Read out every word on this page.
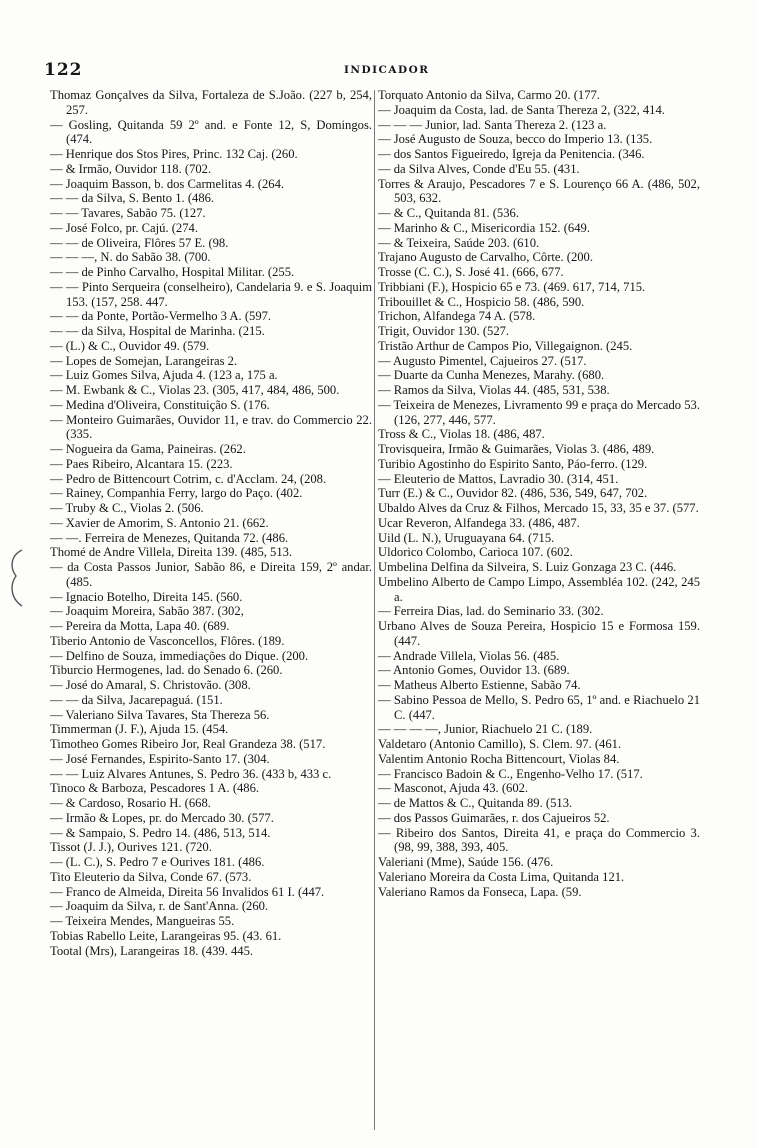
122	INDICADOR

Thomaz Gonçalves da Silva, Fortaleza de S.João. (227 b, 254, 257.

— Gosling, Quitanda 59 2º and. e Fonte 12, S, Domingos. (474.

— Henrique dos Stos Pires, Princ. 132 Caj. (260.

— & Irmão, Ouvidor 118. (702.

— Joaquim Basson, b. dos Carmelitas 4. (264.

— — da Silva, S. Bento 1. (486.

— — Tavares, Sabão 75. (127.

— José Folco, pr. Cajú. (274.

— — de Oliveira, Flôres 57 E. (98.

— — —, N. do Sabão 38. (700.

— — de Pinho Carvalho, Hospital Militar. (255.

— — Pinto Serqueira (conselheiro), Candelaria 9. e S. Joaquim 153. (157, 258. 447.

— — da Ponte, Portão-Vermelho 3 A. (597.

— — da Silva, Hospital de Marinha. (215.

— (L.) & C., Ouvidor 49. (579.

— Lopes de Somejan, Larangeiras 2.

— Luiz Gomes Silva, Ajuda 4. (123 a, 175 a.

— M. Ewbank & C., Violas 23. (305, 417, 484, 486, 500.

— Medina d'Oliveira, Constituição S. (176.

— Monteiro Guimarães, Ouvidor 11, e trav. do Commercio 22. (335.

— Nogueira da Gama, Paineiras. (262.

— Paes Ribeiro, Alcantara 15. (223.

— Pedro de Bittencourt Cotrim, c. d'Acclam. 24, (208.

— Rainey, Companhia Ferry, largo do Paço. (402.

— Truby & C., Violas 2. (506.

— Xavier de Amorim, S. Antonio 21. (662.

— —. Ferreira de Menezes, Quitanda 72. (486.

Thomé de Andre Villela, Direita 139. (485, 513.

— da Costa Passos Junior, Sabão 86, e Direita 159, 2º andar. (485.

— Ignacio Botelho, Direita 145. (560.

— Joaquim Moreira, Sabão 387. (302,

— Pereira da Motta, Lapa 40. (689.

Tiberio Antonio de Vasconcellos, Flôres. (189.

— Delfino de Souza, immediações do Dique. (200.

Tiburcio Hermogenes, lad. do Senado 6. (260.

— José do Amaral, S. Christovão. (308.

— — da Silva, Jacarepaguá. (151.

— Valeriano Silva Tavares, Sta Thereza 56.

Timmerman (J. F.), Ajuda 15. (454.

Timotheo Gomes Ribeiro Jor, Real Grandeza 38. (517.

— José Fernandes, Espirito-Santo 17. (304.

— — Luiz Alvares Antunes, S. Pedro 36. (433 b, 433 c.

Tinoco & Barboza, Pescadores 1 A. (486.

— & Cardoso, Rosario H. (668.

— Irmão & Lopes, pr. do Mercado 30. (577.

— & Sampaio, S. Pedro 14. (486, 513, 514.

Tissot (J. J.), Ourives 121. (720.

— (L. C.), S. Pedro 7 e Ourives 181. (486.

Tito Eleuterio da Silva, Conde 67. (573.

— Franco de Almeida, Direita 56 Invalidos 61 I. (447.

— Joaquim da Silva, r. de Sant'Anna. (260.

— Teixeira Mendes, Mangueiras 55.

Tobias Rabello Leite, Larangeiras 95. (43. 61.

Tootal (Mrs), Larangeiras 18. (439. 445.

Torquato Antonio da Silva, Carmo 20. (177.

— Joaquim da Costa, lad. de Santa Thereza 2, (322, 414.

— — — Junior, lad. Santa Thereza 2. (123 a.

— José Augusto de Souza, becco do Imperio 13. (135.

— dos Santos Figueiredo, Igreja da Penitencia. (346.

— da Silva Alves, Conde d'Eu 55. (431.

Torres & Araujo, Pescadores 7 e S. Lourenço 66 A. (486, 502, 503, 632.

— & C., Quitanda 81. (536.

— Marinho & C., Misericordia 152. (649.

— & Teixeira, Saúde 203. (610.

Trajano Augusto de Carvalho, Côrte. (200.

Trosse (C. C.), S. José 41. (666, 677.

Tribbiani (F.), Hospicio 65 e 73. (469. 617, 714, 715.

Tribouillet & C., Hospicio 58. (486, 590.

Trichon, Alfandega 74 A. (578.

Trigit, Ouvidor 130. (527.

Tristão Arthur de Campos Pio, Villegaignon. (245.

— Augusto Pimentel, Cajueiros 27. (517.

— Duarte da Cunha Menezes, Marahy. (680.

— Ramos da Silva, Violas 44. (485, 531, 538.

— Teixeira de Menezes, Livramento 99 e praça do Mercado 53. (126, 277, 446, 577.

Tross & C., Violas 18. (486, 487.

Trovisqueira, Irmão & Guimarães, Violas 3. (486, 489.

Turibio Agostinho do Espirito Santo, Páo-ferro. (129.

— Eleuterio de Mattos, Lavradio 30. (314, 451.

Turr (E.) & C., Ouvidor 82. (486, 536, 549, 647, 702.

Ubaldo Alves da Cruz & Filhos, Mercado 15, 33, 35 e 37. (577.

Ucar Reveron, Alfandega 33. (486, 487.

Uild (L. N.), Uruguayana 64. (715.

Uldorico Colombo, Carioca 107. (602.

Umbelina Delfina da Silveira, S. Luiz Gonzaga 23 C. (446.

Umbelino Alberto de Campo Limpo, Assembléa 102. (242, 245 a.

— Ferreira Dias, lad. do Seminario 33. (302.

Urbano Alves de Souza Pereira, Hospicio 15 e Formosa 159. (447.

— Andrade Villela, Violas 56. (485.

— Antonio Gomes, Ouvidor 13. (689.

— Matheus Alberto Estienne, Sabão 74.

— Sabino Pessoa de Mello, S. Pedro 65, 1º and. e Riachuelo 21 C. (447.

— — — —, Junior, Riachuelo 21 C. (189.

Valdetaro (Antonio Camillo), S. Clem. 97. (461.

Valentim Antonio Rocha Bittencourt, Violas 84.

— Francisco Badoin & C., Engenho-Velho 17. (517.

— Masconot, Ajuda 43. (602.

— de Mattos & C., Quitanda 89. (513.

— dos Passos Guimarães, r. dos Cajueiros 52.

— Ribeiro dos Santos, Direita 41, e praça do Commercio 3. (98, 99, 388, 393, 405.

Valeriani (Mme), Saúde 156. (476.

Valeriano Moreira da Costa Lima, Quitanda 121.

Valeriano Ramos da Fonseca, Lapa. (59.
